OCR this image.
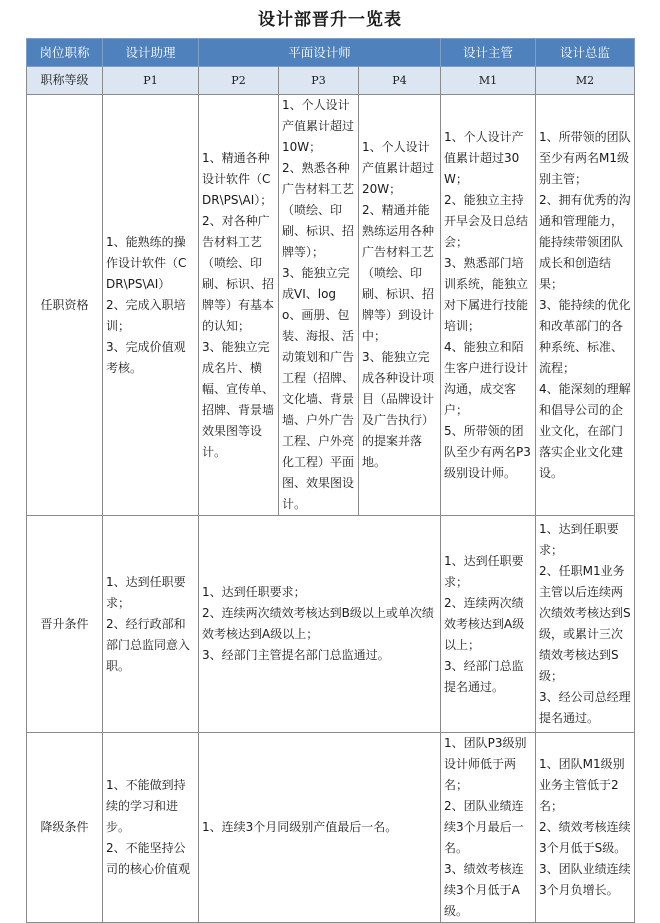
设计部晋升一览表
岗位职称	设计助理	平面设计师			设计主管	设计总监
职称等级	P1	P2	P3	P4	M1	M2
任职资格	1、能熟练的操作设计软件（CDR\PS\AI）
2、完成入职培训；
3、完成价值观考核。	1、精通各种设计软件（CDR\PS\AI）；
2、对各种广告材料工艺（喷绘、印刷、标识、招牌等）有基本的认知；
3、能独立完成名片、横幅、宣传单、招牌、背景墙效果图等设计。	1、个人设计产值累计超过10W；
2、熟悉各种广告材料工艺（喷绘、印刷、标识、招牌等）；
3、能独立完成VI、logo、画册、包装、海报、活动策划和广告工程（招牌、文化墙、背景墙、户外广告工程、户外亮化工程）平面图、效果图设计。	1、个人设计产值累计超过20W；
2、精通并能熟练运用各种广告材料工艺（喷绘、印刷、标识、招牌等）到设计中；
3、能独立完成各种设计项目（品牌设计及广告执行）的提案并落地。	1、个人设计产值累计超过30W；
2、能独立主持开早会及日总结会；
3、熟悉部门培训系统，能独立对下属进行技能培训；
4、能独立和陌生客户进行设计沟通，成交客户；
5、所带领的团队至少有两名P3级别设计师。	1、所带领的团队至少有两名M1级别主管；
2、拥有优秀的沟通和管理能力，能持续带领团队成长和创造结果；
3、能持续的优化和改革部门的各种系统、标准、流程；
4、能深刻的理解和倡导公司的企业文化，在部门落实企业文化建设。
晋升条件	1、达到任职要求；
2、经行政部和部门总监同意入职。	1、达到任职要求；
2、连续两次绩效考核达到B级以上或单次绩效考核达到A级以上；
3、经部门主管提名部门总监通过。			1、达到任职要求；
2、连续两次绩效考核达到A级以上；
3、经部门总监提名通过。	1、达到任职要求；
2、任职M1业务主管以后连续两次绩效考核达到S级，或累计三次绩效考核达到S级；
3、经公司总经理提名通过。
降级条件	1、不能做到持续的学习和进步。
2、不能坚持公司的核心价值观	1、连续3个月同级别产值最后一名。			1、团队P3级别设计师低于两名；
2、团队业绩连续3个月最后一名。
3、绩效考核连续3个月低于A级。	1、团队M1级别业务主管低于2名；
2、绩效考核连续3个月低于S级。
3、团队业绩连续3个月负增长。
